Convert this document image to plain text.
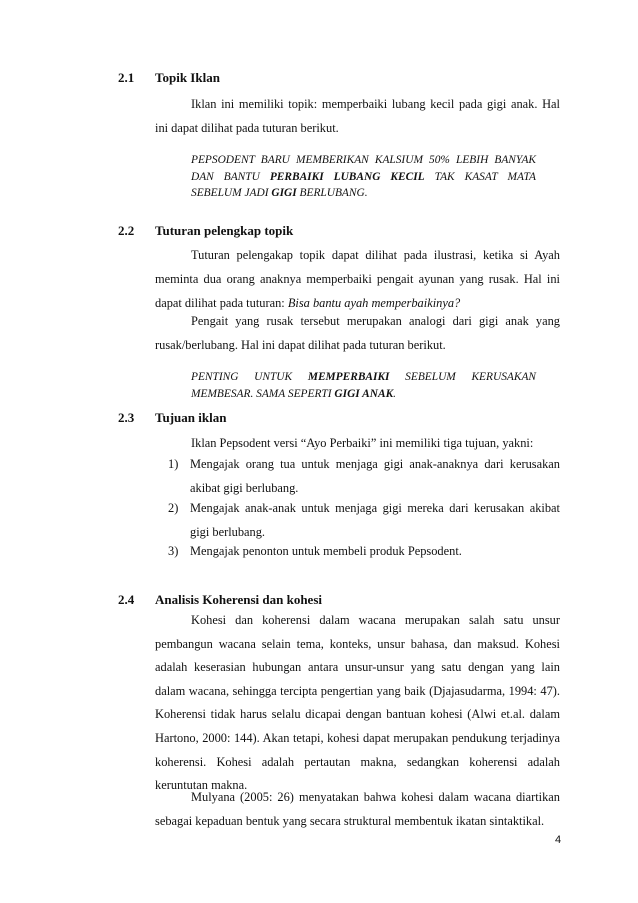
2.1 Topik Iklan

Iklan ini memiliki topik: memperbaiki lubang kecil pada gigi anak. Hal ini dapat dilihat pada tuturan berikut.

PEPSODENT BARU MEMBERIKAN KALSIUM 50% LEBIH BANYAK DAN BANTU PERBAIKI LUBANG KECIL TAK KASAT MATA SEBELUM JADI GIGI BERLUBANG.

2.2 Tuturan pelengkap topik

Tuturan pelengakap topik dapat dilihat pada ilustrasi, ketika si Ayah meminta dua orang anaknya memperbaiki pengait ayunan yang rusak. Hal ini dapat dilihat pada tuturan: Bisa bantu ayah memperbaikinya?

Pengait yang rusak tersebut merupakan analogi dari gigi anak yang rusak/berlubang. Hal ini dapat dilihat pada tuturan berikut.

PENTING UNTUK MEMPERBAIKI SEBELUM KERUSAKAN MEMBESAR. SAMA SEPERTI GIGI ANAK.

2.3 Tujuan iklan

Iklan Pepsodent versi “Ayo Perbaiki” ini memiliki tiga tujuan, yakni:

1) Mengajak orang tua untuk menjaga gigi anak-anaknya dari kerusakan akibat gigi berlubang.
2) Mengajak anak-anak untuk menjaga gigi mereka dari kerusakan akibat gigi berlubang.
3) Mengajak penonton untuk membeli produk Pepsodent.
2.4 Analisis Koherensi dan kohesi

Kohesi dan koherensi dalam wacana merupakan salah satu unsur pembangun wacana selain tema, konteks, unsur bahasa, dan maksud. Kohesi adalah keserasian hubungan antara unsur-unsur yang satu dengan yang lain dalam wacana, sehingga tercipta pengertian yang baik (Djajasudarma, 1994: 47). Koherensi tidak harus selalu dicapai dengan bantuan kohesi (Alwi et.al. dalam Hartono, 2000: 144). Akan tetapi, kohesi dapat merupakan pendukung terjadinya koherensi. Kohesi adalah pertautan makna, sedangkan koherensi adalah keruntutan makna.

Mulyana (2005: 26) menyatakan bahwa kohesi dalam wacana diartikan sebagai kepaduan bentuk yang secara struktural membentuk ikatan sintaktikal.

4
